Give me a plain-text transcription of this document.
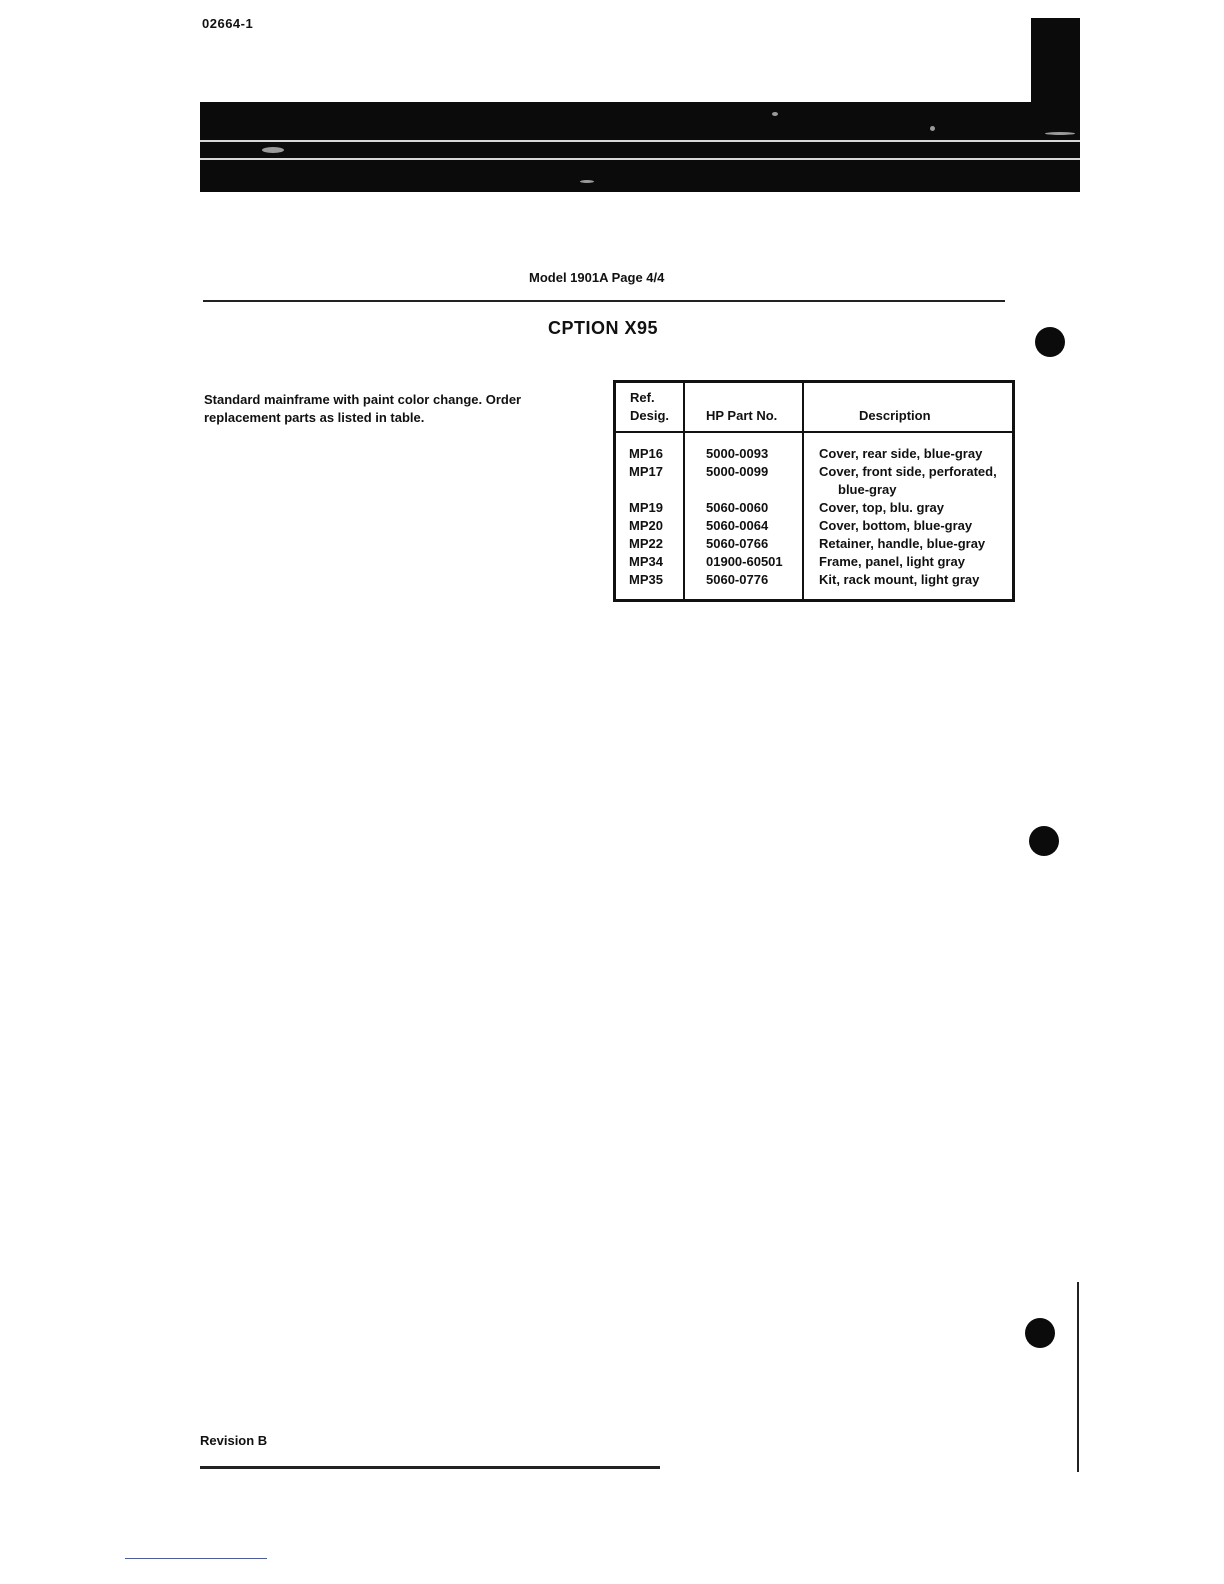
02664-1
Model 1901A Page 4/4
CPTION X95
Standard mainframe with paint color change. Order replacement parts as listed in table.
Ref.
Desig.	HP Part No.	Description
MP16	5000-0093	Cover, rear side, blue-gray
MP17	5000-0099	Cover, front side, perforated,
blue-gray
MP19	5060-0060	Cover, top, blu. gray
MP20	5060-0064	Cover, bottom, blue-gray
MP22	5060-0766	Retainer, handle, blue-gray
MP34	01900-60501	Frame, panel, light gray
MP35	5060-0776	Kit, rack mount, light gray
Revision B
